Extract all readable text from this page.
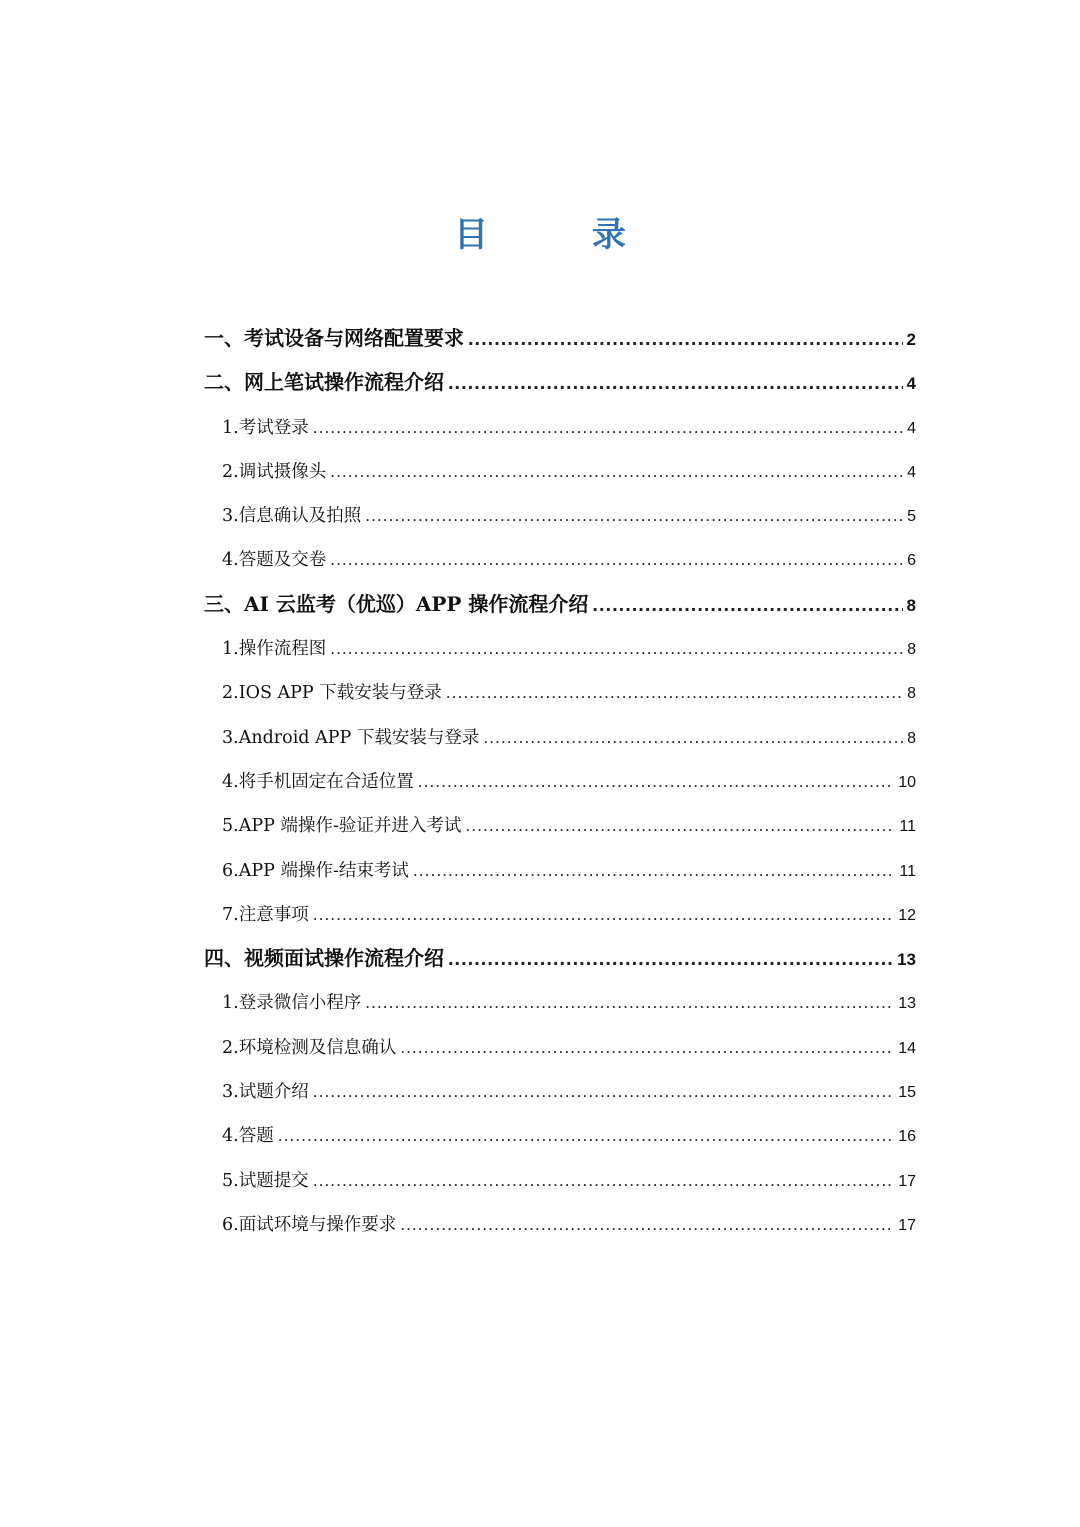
目 录
一、考试设备与网络配置要求 .....	2
二、网上笔试操作流程介绍 .....	4
1.考试登录 .....	4
2.调试摄像头 .....	4
3.信息确认及拍照 .....	5
4.答题及交卷 .....	6
三、AI 云监考（优巡）APP 操作流程介绍 .....	8
1.操作流程图 .....	8
2.IOS APP 下载安装与登录 .....	8
3.Android APP 下载安装与登录 .....	8
4.将手机固定在合适位置 .....	10
5.APP 端操作-验证并进入考试 .....	11
6.APP 端操作-结束考试 .....	11
7.注意事项 .....	12
四、视频面试操作流程介绍 .....	13
1.登录微信小程序 .....	13
2.环境检测及信息确认 .....	14
3.试题介绍 .....	15
4.答题 .....	16
5.试题提交 .....	17
6.面试环境与操作要求 .....	17
